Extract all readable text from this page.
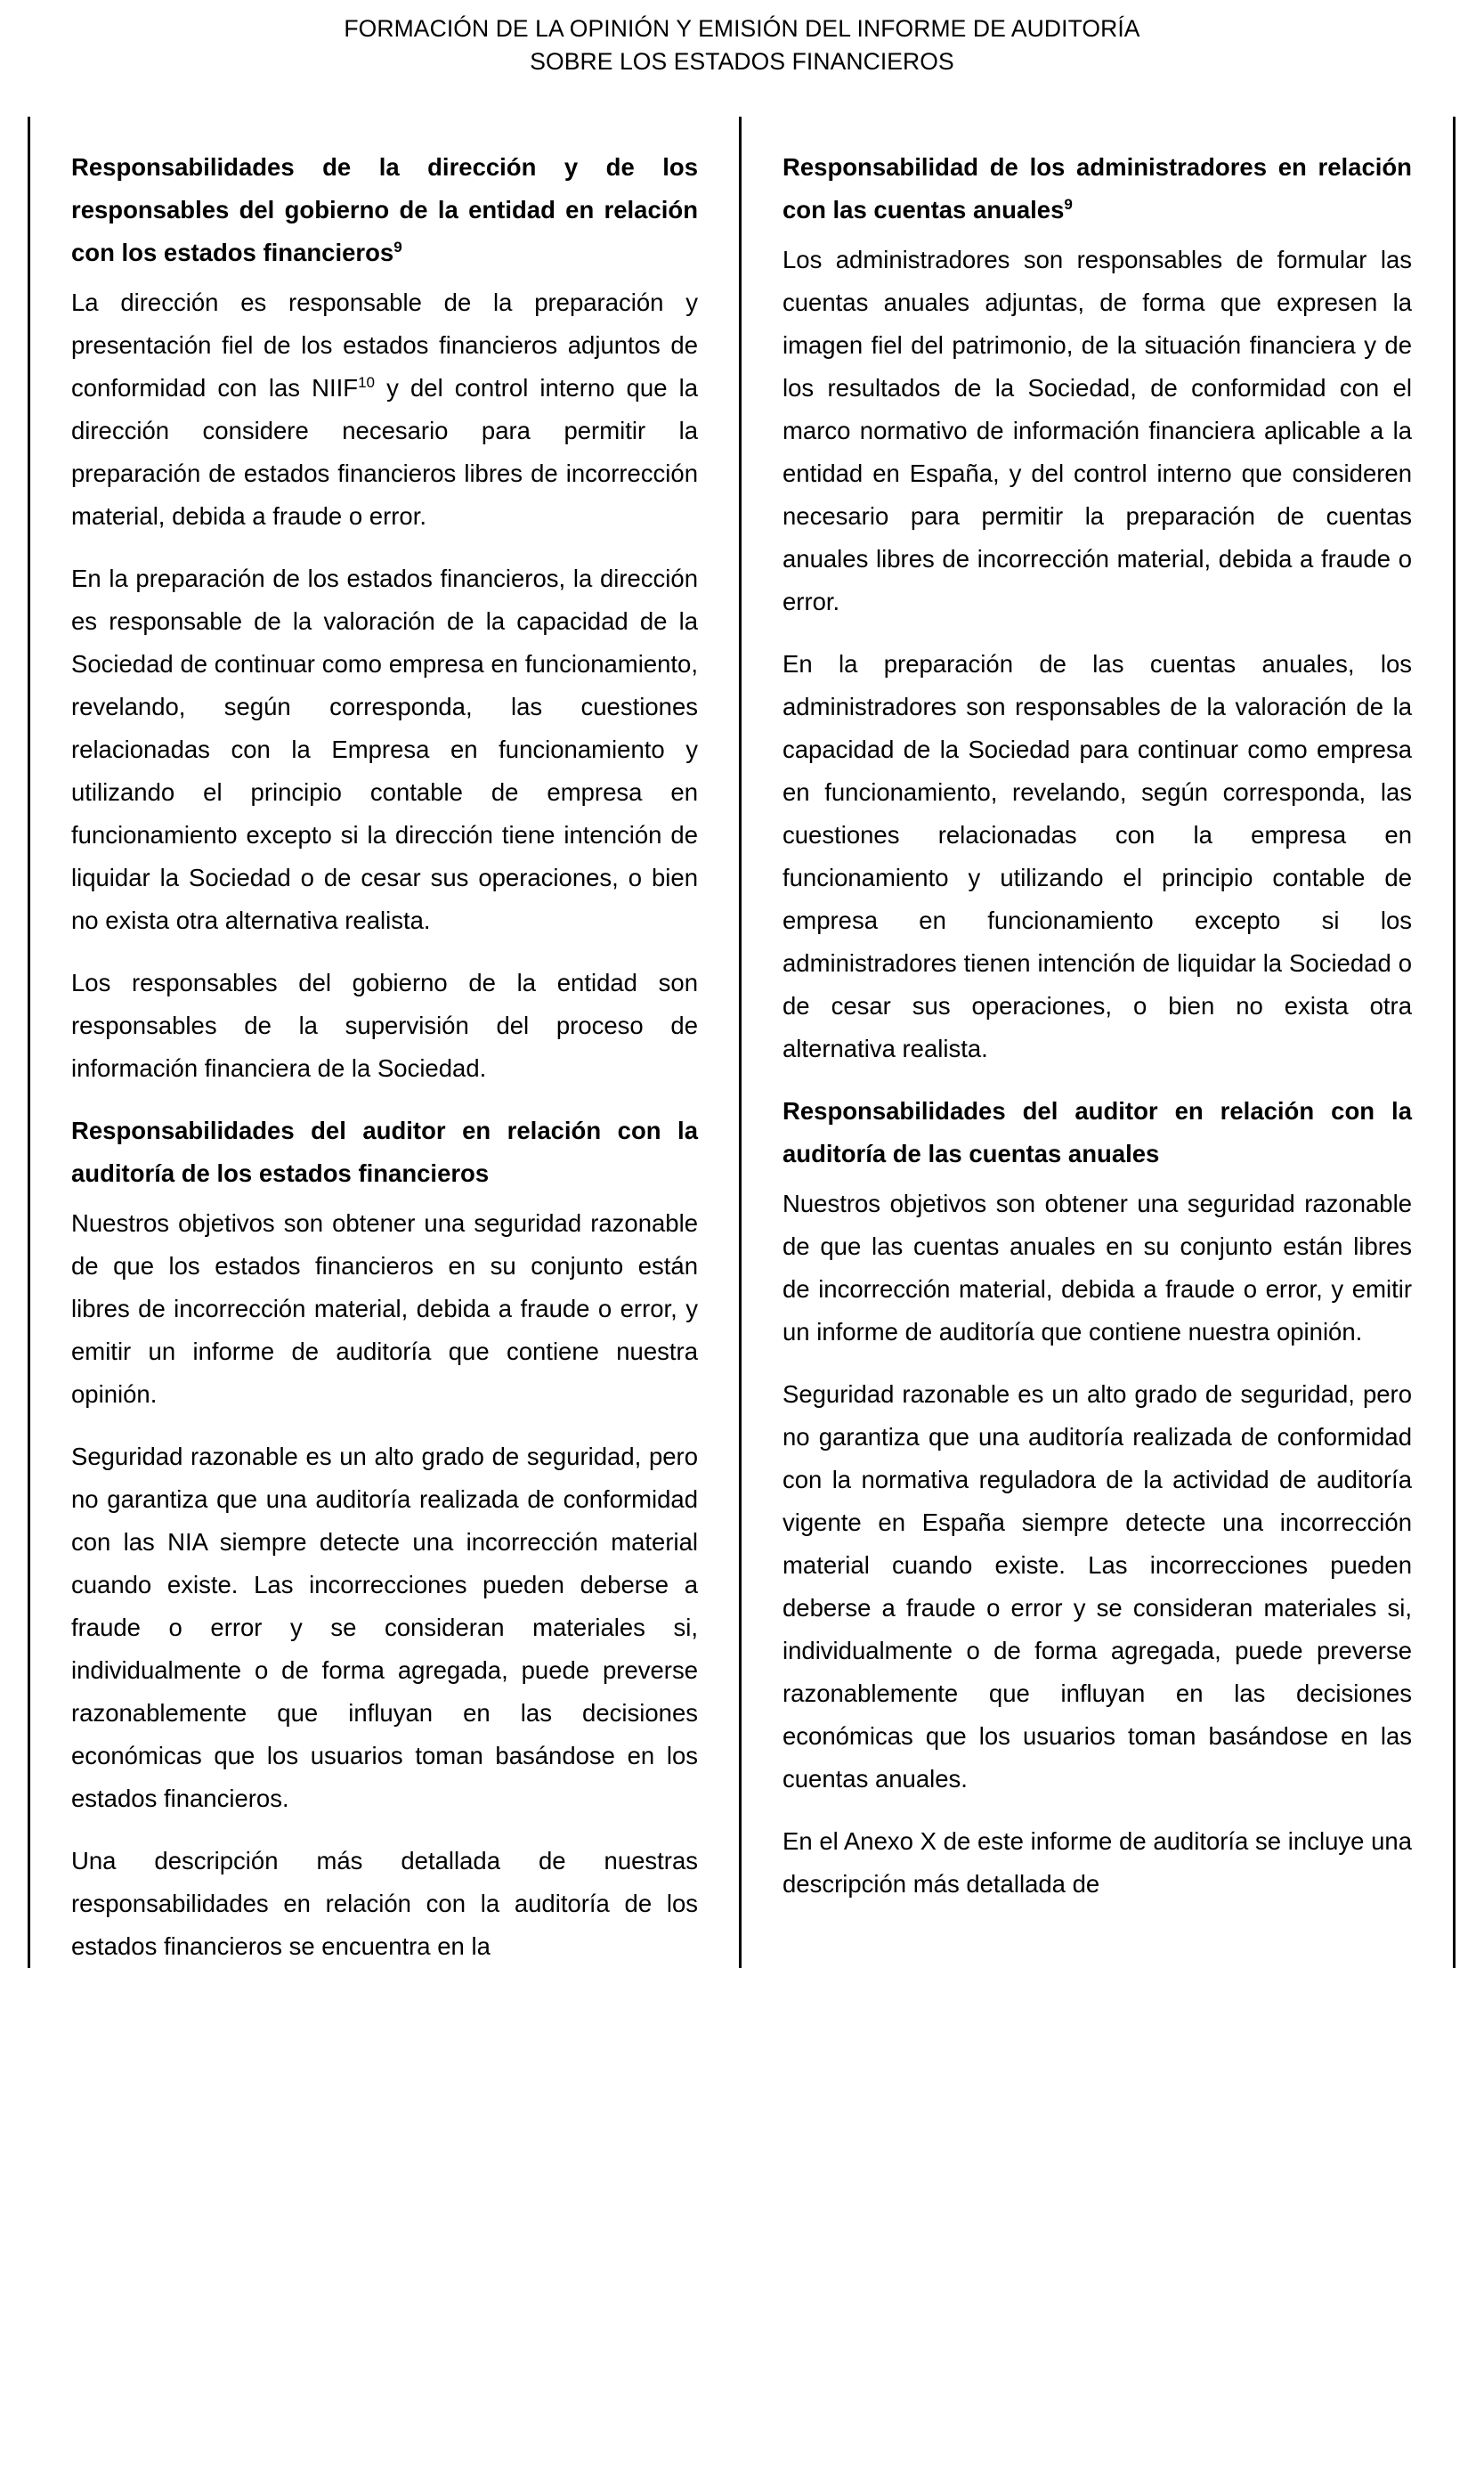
FORMACIÓN DE LA OPINIÓN Y EMISIÓN DEL INFORME DE AUDITORÍA
SOBRE LOS ESTADOS FINANCIEROS
Responsabilidades de la dirección y de los responsables del gobierno de la entidad en relación con los estados financieros$^9$

La dirección es responsable de la preparación y presentación fiel de los estados financieros adjuntos de conformidad con las NIIF$^{10}$ y del control interno que la dirección considere necesario para permitir la preparación de estados financieros libres de incorrección material, debida a fraude o error.

En la preparación de los estados financieros, la dirección es responsable de la valoración de la capacidad de la Sociedad de continuar como empresa en funcionamiento, revelando, según corresponda, las cuestiones relacionadas con la Empresa en funcionamiento y utilizando el principio contable de empresa en funcionamiento excepto si la dirección tiene intención de liquidar la Sociedad o de cesar sus operaciones, o bien no exista otra alternativa realista.

Los responsables del gobierno de la entidad son responsables de la supervisión del proceso de información financiera de la Sociedad.

Responsabilidades del auditor en relación con la auditoría de los estados financieros

Nuestros objetivos son obtener una seguridad razonable de que los estados financieros en su conjunto están libres de incorrección material, debida a fraude o error, y emitir un informe de auditoría que contiene nuestra opinión.

Seguridad razonable es un alto grado de seguridad, pero no garantiza que una auditoría realizada de conformidad con las NIA siempre detecte una incorrección material cuando existe. Las incorrecciones pueden deberse a fraude o error y se consideran materiales si, individualmente o de forma agregada, puede preverse razonablemente que influyan en las decisiones económicas que los usuarios toman basándose en los estados financieros.

Una descripción más detallada de nuestras responsabilidades en relación con la auditoría de los estados financieros se encuentra en la

Responsabilidad de los administradores en relación con las cuentas anuales$^9$

Los administradores son responsables de formular las cuentas anuales adjuntas, de forma que expresen la imagen fiel del patrimonio, de la situación financiera y de los resultados de la Sociedad, de conformidad con el marco normativo de información financiera aplicable a la entidad en España, y del control interno que consideren necesario para permitir la preparación de cuentas anuales libres de incorrección material, debida a fraude o error.

En la preparación de las cuentas anuales, los administradores son responsables de la valoración de la capacidad de la Sociedad para continuar como empresa en funcionamiento, revelando, según corresponda, las cuestiones relacionadas con la empresa en funcionamiento y utilizando el principio contable de empresa en funcionamiento excepto si los administradores tienen intención de liquidar la Sociedad o de cesar sus operaciones, o bien no exista otra alternativa realista.

Responsabilidades del auditor en relación con la auditoría de las cuentas anuales

Nuestros objetivos son obtener una seguridad razonable de que las cuentas anuales en su conjunto están libres de incorrección material, debida a fraude o error, y emitir un informe de auditoría que contiene nuestra opinión.

Seguridad razonable es un alto grado de seguridad, pero no garantiza que una auditoría realizada de conformidad con la normativa reguladora de la actividad de auditoría vigente en España siempre detecte una incorrección material cuando existe. Las incorrecciones pueden deberse a fraude o error y se consideran materiales si, individualmente o de forma agregada, puede preverse razonablemente que influyan en las decisiones económicas que los usuarios toman basándose en las cuentas anuales.

En el Anexo X de este informe de auditoría se incluye una descripción más detallada de
